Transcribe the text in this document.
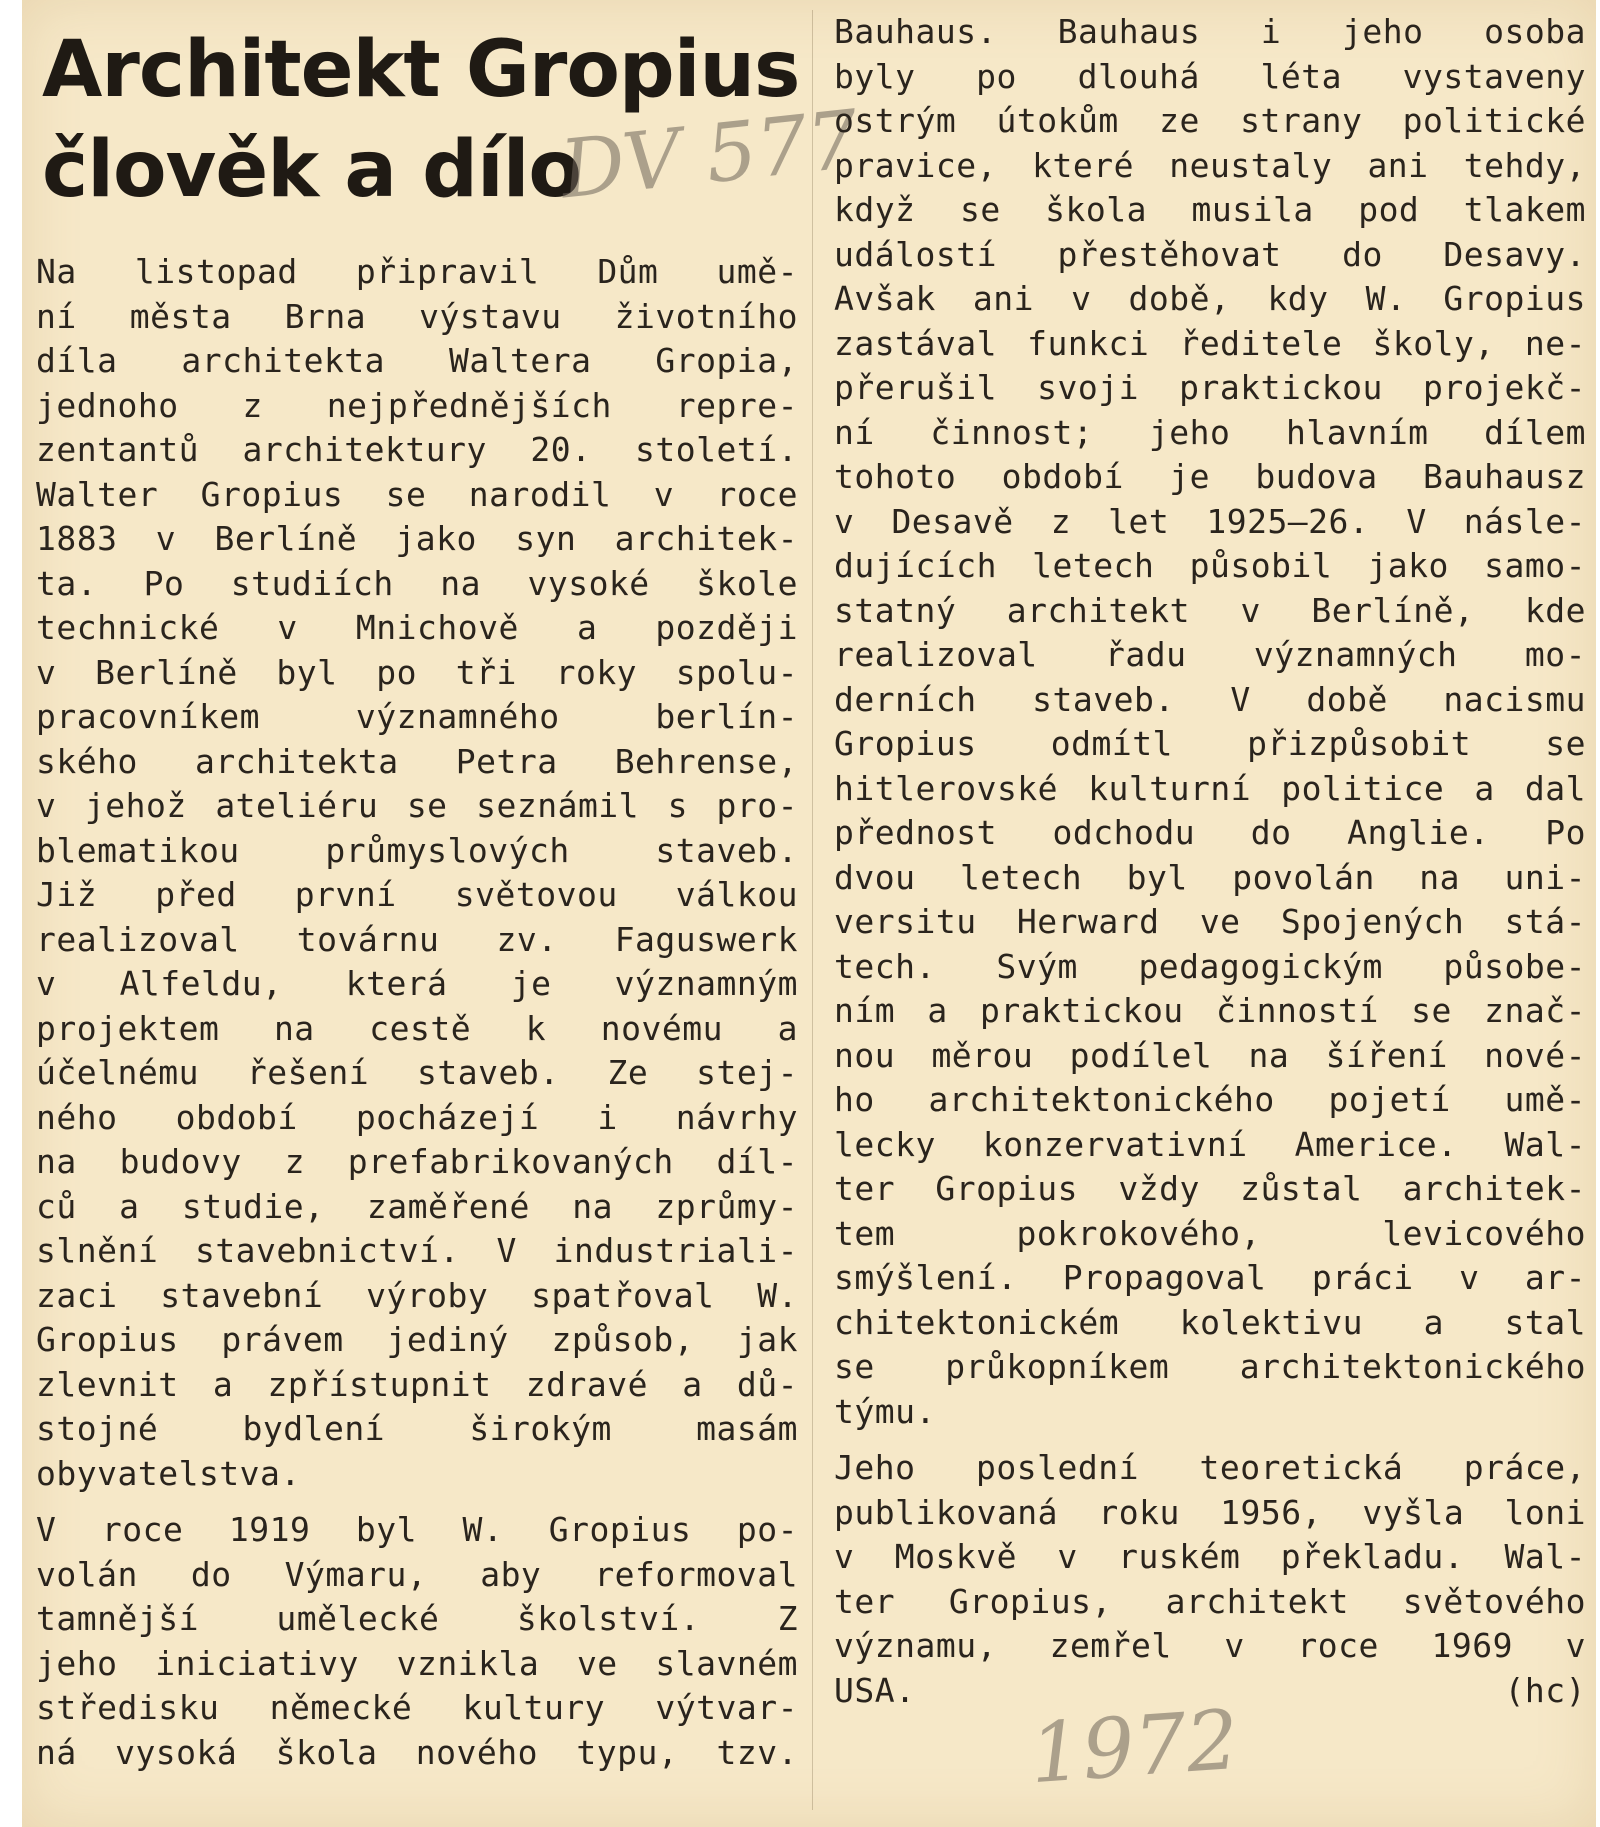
Architekt Gropius
člověk a dílo
DV 577

Na listopad připravil Dům umě-
ní města Brna výstavu životního
díla architekta Waltera Gropia,
jednoho z nejpřednějších repre-
zentantů architektury 20. století.
Walter Gropius se narodil v roce
1883 v Berlíně jako syn architek-
ta. Po studiích na vysoké škole
technické v Mnichově a později
v Berlíně byl po tři roky spolu-
pracovníkem významného berlín-
ského architekta Petra Behrense,
v jehož ateliéru se seznámil s pro-
blematikou průmyslových staveb.
Již před první světovou válkou
realizoval továrnu zv. Faguswerk
v Alfeldu, která je významným
projektem na cestě k novému a
účelnému řešení staveb. Ze stej-
ného období pocházejí i návrhy
na budovy z prefabrikovaných díl-
ců a studie, zaměřené na zprůmy-
slnění stavebnictví. V industriali-
zaci stavební výroby spatřoval W.
Gropius právem jediný způsob, jak
zlevnit a zpřístupnit zdravé a dů-
stojné bydlení širokým masám
obyvatelstva.

V roce 1919 byl W. Gropius po-
volán do Výmaru, aby reformoval
tamnější umělecké školství. Z
jeho iniciativy vznikla ve slavném
středisku německé kultury výtvar-
ná vysoká škola nového typu, tzv.

Bauhaus. Bauhaus i jeho osoba
byly po dlouhá léta vystaveny
ostrým útokům ze strany politické
pravice, které neustaly ani tehdy,
když se škola musila pod tlakem
událostí přestěhovat do Desavy.
Avšak ani v době, kdy W. Gropius
zastával funkci ředitele školy, ne-
přerušil svoji praktickou projekč-
ní činnost; jeho hlavním dílem
tohoto období je budova Bauhausz
v Desavě z let 1925—26. V násle-
dujících letech působil jako samo-
statný architekt v Berlíně, kde
realizoval řadu významných mo-
derních staveb. V době nacismu
Gropius odmítl přizpůsobit se
hitlerovské kulturní politice a dal
přednost odchodu do Anglie. Po
dvou letech byl povolán na uni-
versitu Herward ve Spojených stá-
tech. Svým pedagogickým působe-
ním a praktickou činností se znač-
nou měrou podílel na šíření nové-
ho architektonického pojetí umě-
lecky konzervativní Americe. Wal-
ter Gropius vždy zůstal architek-
tem pokrokového, levicového
smýšlení. Propagoval práci v ar-
chitektonickém kolektivu a stal
se průkopníkem architektonického
týmu.

Jeho poslední teoretická práce,
publikovaná roku 1956, vyšla loni
v Moskvě v ruském překladu. Wal-
ter Gropius, architekt světového
významu, zemřel v roce 1969 v

USA.	(hc)
1972
